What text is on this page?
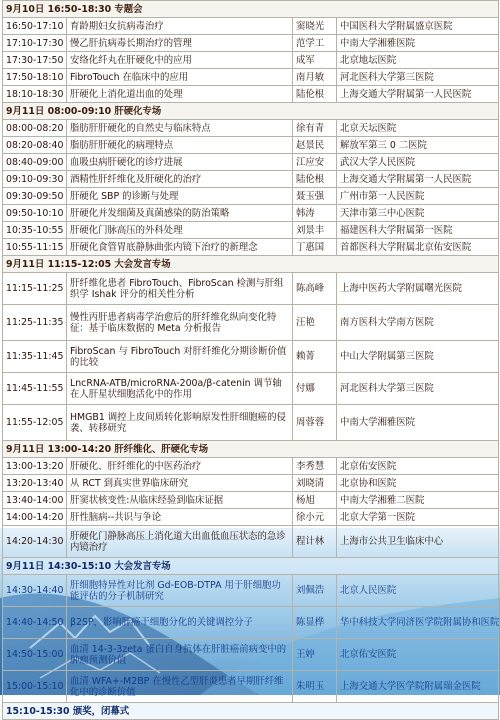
9月10日 16:50-18:30 专题会			
16:50-17:10	育龄期妇女抗病毒治疗	窦晓光	中国医科大学附属盛京医院
17:10-17:30	慢乙肝抗病毒长期治疗的管理	范学工	中南大学湘雅医院
17:30-17:50	安络化纤丸在肝硬化中的应用	成军	北京地坛医院
17:50-18:10	FibroTouch 在临床中的应用	南月敏	河北医科大学第三医院
18:10-18:30	肝硬化上消化道出血的处理	陆伦根	上海交通大学附属第一人民医院
9月11日 08:00-09:10 肝硬化专场			
08:00-08:20	脂肪肝肝硬化的自然史与临床特点	徐有青	北京天坛医院
08:20-08:40	脂肪肝肝硬化的病理特点	赵景民	解放军第三 0 二医院
08:40-09:00	血吸虫病肝硬化的诊疗进展	江应安	武汉大学人民医院
09:10-09:30	酒精性肝纤维化及肝硬化的治疗	陆伦根	上海交通大学附属第一人民医院
09:30-09:50	肝硬化 SBP 的诊断与处理	聂玉强	广州市第一人民医院
09:50-10:10	肝硬化并发细菌及真菌感染的防治策略	韩涛	天津市第三中心医院
10:35-10:55	肝硬化门脉高压的外科处理	刘景丰	福建医科大学附属第一医院
10:55-11:15	肝硬化食管胃底静脉曲张内镜下治疗的新理念	丁惠国	首都医科大学附属北京佑安医院
9月11日 11:15-12:05 大会发言专场			
11:15-11:25	肝纤维化患者 FibroTouch、FibroScan 检测与肝组织学 Ishak 评分的相关性分析	陈高峰	上海中医药大学附属曙光医院
11:25-11:35	慢性丙肝患者病毒学治愈后的肝纤维化纵向变化特征：基于临床数据的 Meta 分析报告	汪艳	南方医科大学南方医院
11:35-11:45	FibroScan 与 FibroTouch 对肝纤维化分期诊断价值的比较	赖菁	中山大学附属第三医院
11:45-11:55	LncRNA-ATB/microRNA-200a/β-catenin 调节轴在人肝星状细胞活化中的作用	付娜	河北医科大学第三医院
11:55-12:05	HMGB1 调控上皮间质转化影响原发性肝细胞癌的侵袭、转移研究	周蓉蓉	中南大学湘雅医院
9月11日 13:00-14:20 肝纤维化、肝硬化专场			
13:00-13:20	肝硬化、肝纤维化的中医药治疗	李秀慧	北京佑安医院
13:20-13:40	从 RCT 到真实世界临床研究	刘晓清	北京协和医院
13:40-14:00	肝窦状核变性:从临床经验到临床证据	杨旭	中南大学湘雅二医院
14:00-14:20	肝性脑病--共识与争论	徐小元	北京大学第一医院
14:20-14:30	肝硬化门静脉高压上消化道大出血低血压状态的急诊内镜治疗	程计林	上海市公共卫生临床中心
9月11日 14:30-15:10 大会发言专场			
14:30-14:40	肝细胞特异性对比剂 Gd-EOB-DTPA 用于肝细胞功能评估的分子机制研究	刘佩浩	北京人民医院
14:40-14:50	β2SP，影响肝癌干细胞分化的关键调控分子	陈显桦	华中科技大学同济医学院附属协和医院
14:50-15:00	血清 14-3-3zeta 蛋白自身抗体在肝脏癌前病变中的肿瘤预测价值	王婷	北京佑安医院
15:00-15:10	血清 WFA+-M2BP 在慢性乙型肝炎患者早期肝纤维化中的诊断价值	朱明玉	上海交通大学医学院附属瑞金医院
15:10-15:30 颁奖，闭幕式			
